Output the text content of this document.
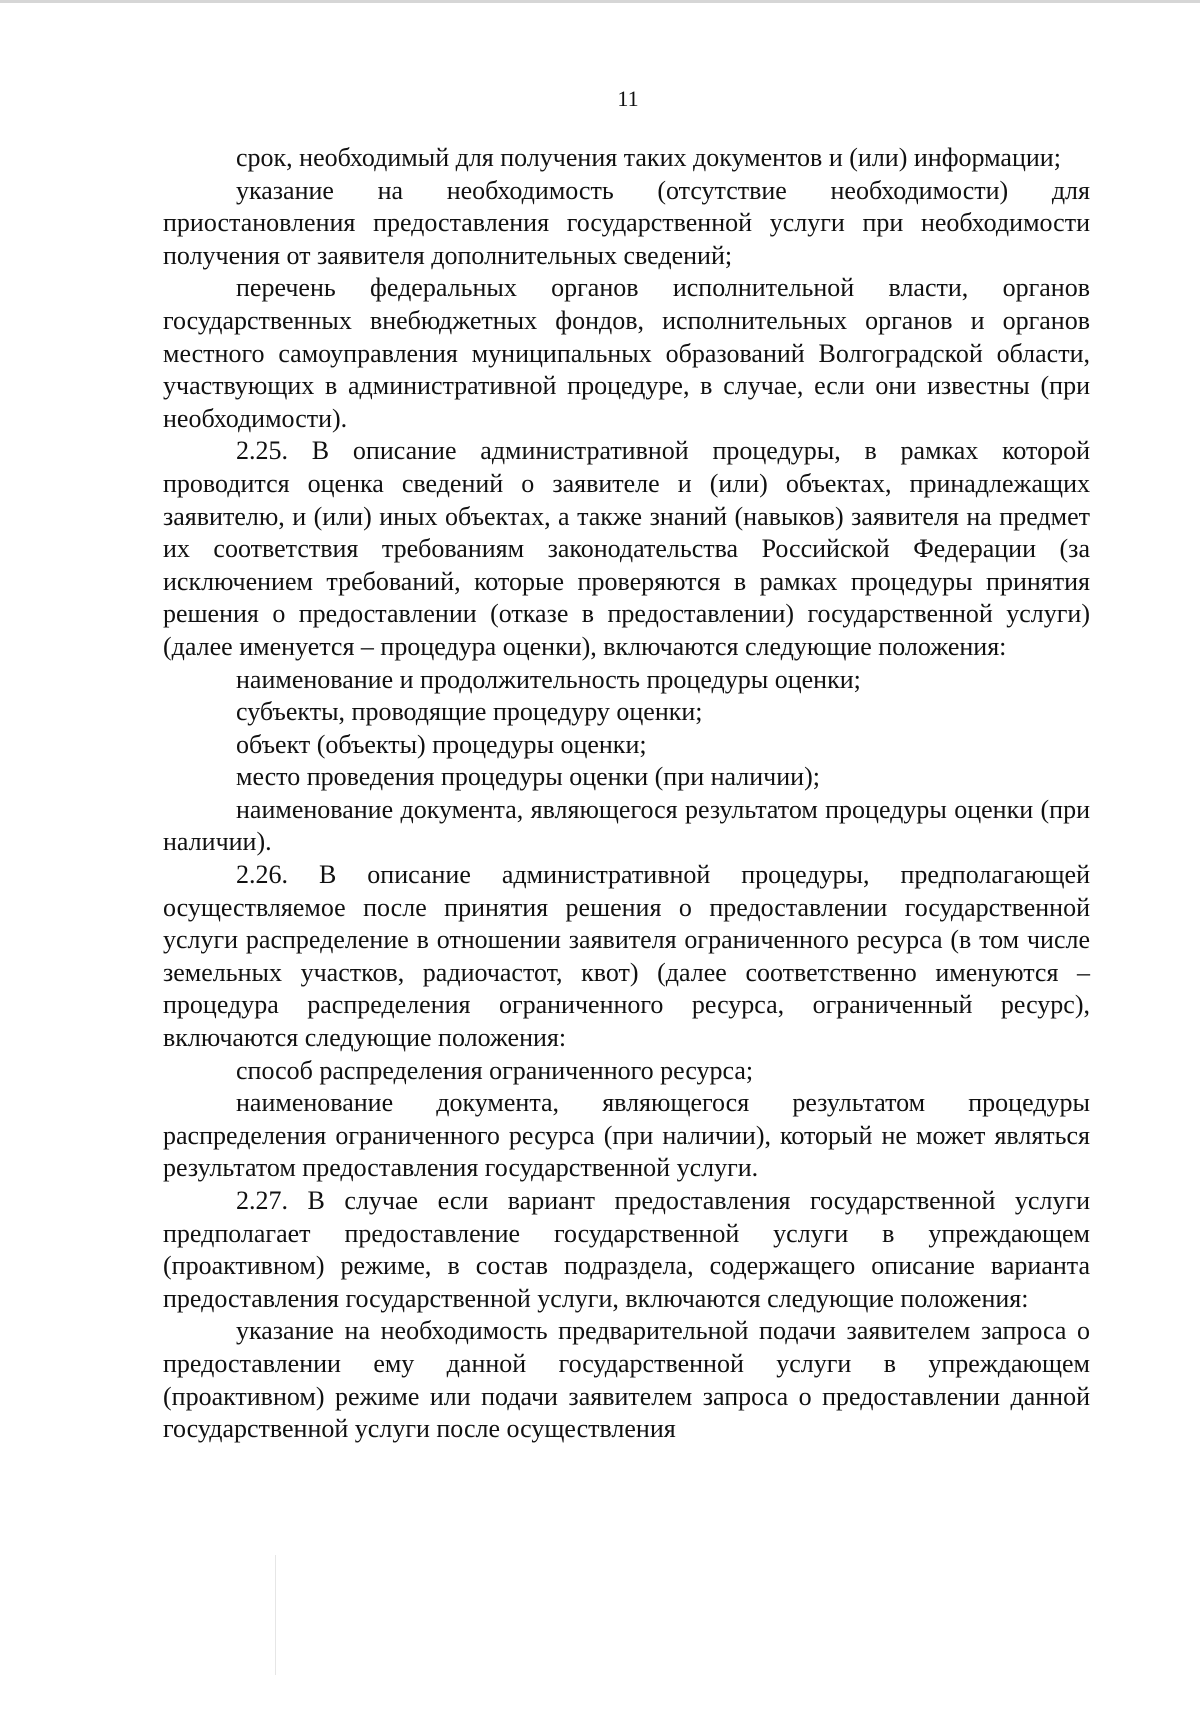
11

срок, необходимый для получения таких документов и (или) информации;

указание на необходимость (отсутствие необходимости) для приостановления предоставления государственной услуги при необходимости получения от заявителя дополнительных сведений;

перечень федеральных органов исполнительной власти, органов государственных внебюджетных фондов, исполнительных органов и органов местного самоуправления муниципальных образований Волгоградской области, участвующих в административной процедуре, в случае, если они известны (при необходимости).

2.25. В описание административной процедуры, в рамках которой проводится оценка сведений о заявителе и (или) объектах, принадлежащих заявителю, и (или) иных объектах, а также знаний (навыков) заявителя на предмет их соответствия требованиям законодательства Российской Федерации (за исключением требований, которые проверяются в рамках процедуры принятия решения о предоставлении (отказе в предоставлении) государственной услуги) (далее именуется – процедура оценки), включаются следующие положения:

наименование и продолжительность процедуры оценки;

субъекты, проводящие процедуру оценки;

объект (объекты) процедуры оценки;

место проведения процедуры оценки (при наличии);

наименование документа, являющегося результатом процедуры оценки (при наличии).

2.26. В описание административной процедуры, предполагающей осуществляемое после принятия решения о предоставлении государственной услуги распределение в отношении заявителя ограниченного ресурса (в том числе земельных участков, радиочастот, квот) (далее соответственно именуются – процедура распределения ограниченного ресурса, ограниченный ресурс), включаются следующие положения:

способ распределения ограниченного ресурса;

наименование документа, являющегося результатом процедуры распределения ограниченного ресурса (при наличии), который не может являться результатом предоставления государственной услуги.

2.27. В случае если вариант предоставления государственной услуги предполагает предоставление государственной услуги в упреждающем (проактивном) режиме, в состав подраздела, содержащего описание варианта предоставления государственной услуги, включаются следующие положения:

указание на необходимость предварительной подачи заявителем запроса о предоставлении ему данной государственной услуги в упреждающем (проактивном) режиме или подачи заявителем запроса о предоставлении данной государственной услуги после осуществления
